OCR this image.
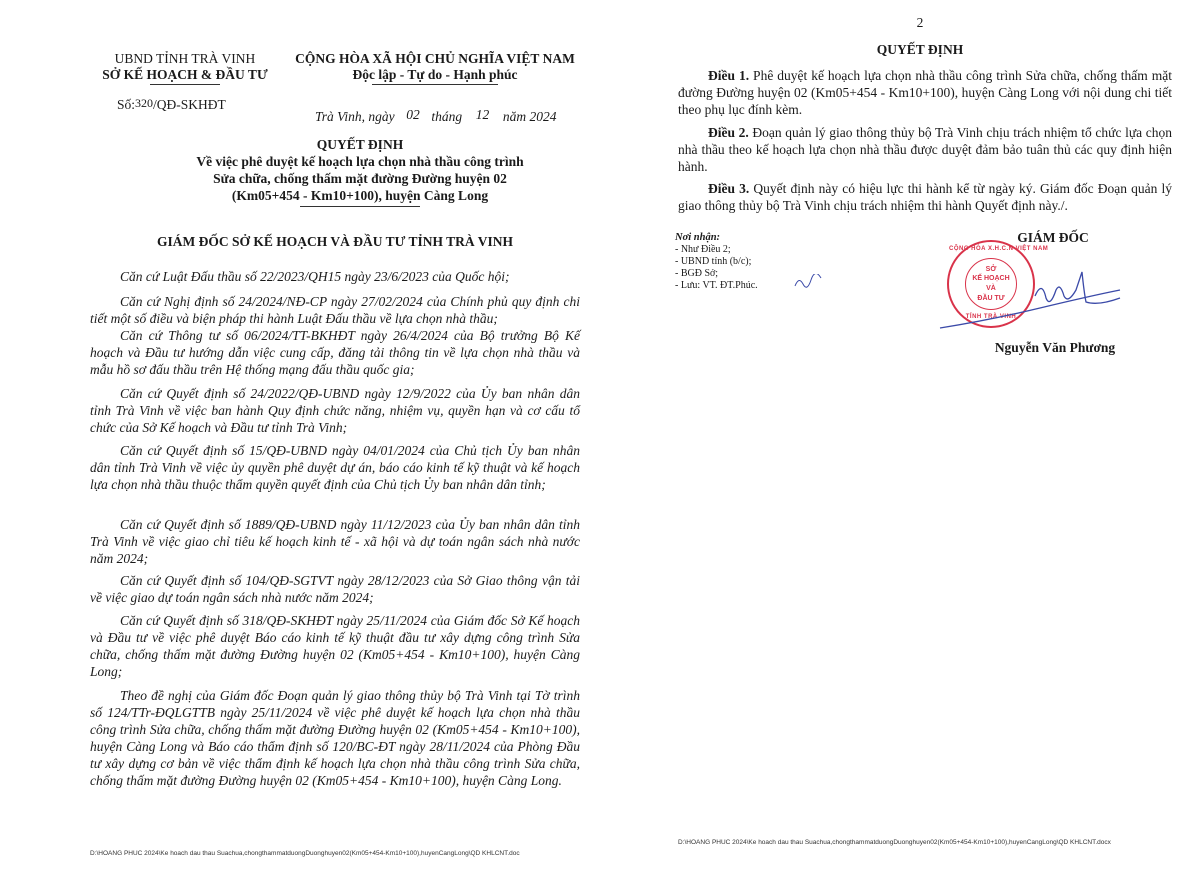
UBND TỈNH TRÀ VINH
SỞ KẾ HOẠCH & ĐẦU TƯ
CỘNG HÒA XÃ HỘI CHỦ NGHĨA VIỆT NAM
Độc lập - Tự do - Hạnh phúc
Số:320/QĐ-SKHĐT
Trà Vinh, ngày 02 tháng 12 năm 2024
QUYẾT ĐỊNH
Về việc phê duyệt kế hoạch lựa chọn nhà thầu công trình
Sửa chữa, chống thấm mặt đường Đường huyện 02
(Km05+454 - Km10+100), huyện Càng Long
GIÁM ĐỐC SỞ KẾ HOẠCH VÀ ĐẦU TƯ TỈNH TRÀ VINH
Căn cứ Luật Đấu thầu số 22/2023/QH15 ngày 23/6/2023 của Quốc hội;
Căn cứ Nghị định số 24/2024/NĐ-CP ngày 27/02/2024 của Chính phủ quy định chi tiết một số điều và biện pháp thi hành Luật Đấu thầu về lựa chọn nhà thầu;
Căn cứ Thông tư số 06/2024/TT-BKHĐT ngày 26/4/2024 của Bộ trưởng Bộ Kế hoạch và Đầu tư hướng dẫn việc cung cấp, đăng tải thông tin về lựa chọn nhà thầu và mẫu hồ sơ đấu thầu trên Hệ thống mạng đấu thầu quốc gia;
Căn cứ Quyết định số 24/2022/QĐ-UBND ngày 12/9/2022 của Ủy ban nhân dân tỉnh Trà Vinh về việc ban hành Quy định chức năng, nhiệm vụ, quyền hạn và cơ cấu tổ chức của Sở Kế hoạch và Đầu tư tỉnh Trà Vinh;
Căn cứ Quyết định số 15/QĐ-UBND ngày 04/01/2024 của Chủ tịch Ủy ban nhân dân tỉnh Trà Vinh về việc ủy quyền phê duyệt dự án, báo cáo kinh tế kỹ thuật và kế hoạch lựa chọn nhà thầu thuộc thẩm quyền quyết định của Chủ tịch Ủy ban nhân dân tỉnh;
Căn cứ Quyết định số 1889/QĐ-UBND ngày 11/12/2023 của Ủy ban nhân dân tỉnh Trà Vinh về việc giao chỉ tiêu kế hoạch kinh tế - xã hội và dự toán ngân sách nhà nước năm 2024;
Căn cứ Quyết định số 104/QĐ-SGTVT ngày 28/12/2023 của Sở Giao thông vận tải về việc giao dự toán ngân sách nhà nước năm 2024;
Căn cứ Quyết định số 318/QĐ-SKHĐT ngày 25/11/2024 của Giám đốc Sở Kế hoạch và Đầu tư về việc phê duyệt Báo cáo kinh tế kỹ thuật đầu tư xây dựng công trình Sửa chữa, chống thấm mặt đường Đường huyện 02 (Km05+454 - Km10+100), huyện Càng Long;
Theo đề nghị của Giám đốc Đoạn quản lý giao thông thủy bộ Trà Vinh tại Tờ trình số 124/TTr-ĐQLGTTB ngày 25/11/2024 về việc phê duyệt kế hoạch lựa chọn nhà thầu công trình Sửa chữa, chống thấm mặt đường Đường huyện 02 (Km05+454 - Km10+100), huyện Càng Long và Báo cáo thẩm định số 120/BC-ĐT ngày 28/11/2024 của Phòng Đầu tư xây dựng cơ bản về việc thẩm định kế hoạch lựa chọn nhà thầu công trình Sửa chữa, chống thấm mặt đường Đường huyện 02 (Km05+454 - Km10+100), huyện Càng Long.
D:\HOANG PHUC 2024\Ke hoach dau thau Suachua,chongthammatduongDuonghuyen02(Km05+454-Km10+100),huyenCangLong\QD KHLCNT.doc
2
QUYẾT ĐỊNH
Điều 1. Phê duyệt kế hoạch lựa chọn nhà thầu công trình Sửa chữa, chống thấm mặt đường Đường huyện 02 (Km05+454 - Km10+100), huyện Càng Long với nội dung chi tiết theo phụ lục đính kèm.
Điều 2. Đoạn quản lý giao thông thủy bộ Trà Vinh chịu trách nhiệm tổ chức lựa chọn nhà thầu theo kế hoạch lựa chọn nhà thầu được duyệt đảm bảo tuân thủ các quy định hiện hành.
Điều 3. Quyết định này có hiệu lực thi hành kể từ ngày ký. Giám đốc Đoạn quản lý giao thông thủy bộ Trà Vinh chịu trách nhiệm thi hành Quyết định này./.
Nơi nhận:
- Như Điều 2;
- UBND tỉnh (b/c);
- BGĐ Sở;
- Lưu: VT. ĐT.Phúc.
GIÁM ĐỐC
CỘNG HÒA X.H.C.N VIỆT NAM
SỞ
KẾ HOẠCH
VÀ
ĐẦU TƯ
TỈNH TRÀ VINH
Nguyễn Văn Phương
D:\HOANG PHUC 2024\Ke hoach dau thau Suachua,chongthammatduongDuonghuyen02(Km05+454-Km10+100),huyenCangLong\QD KHLCNT.docx
